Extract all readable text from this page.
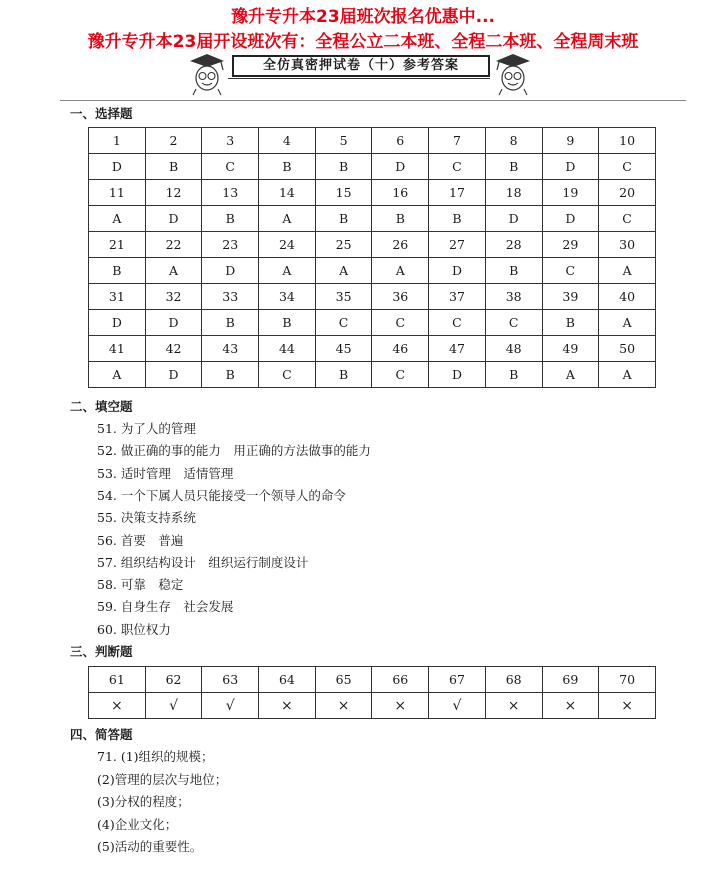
豫升专升本23届班次报名优惠中...
豫升专升本23届开设班次有：全程公立二本班、全程二本班、全程周末班
全仿真密押试卷（十）参考答案
一、选择题
1	2	3	4	5	6	7	8	9	10
D	B	C	B	B	D	C	B	D	C
11	12	13	14	15	16	17	18	19	20
A	D	B	A	B	B	B	D	D	C
21	22	23	24	25	26	27	28	29	30
B	A	D	A	A	A	D	B	C	A
31	32	33	34	35	36	37	38	39	40
D	D	B	B	C	C	C	C	B	A
41	42	43	44	45	46	47	48	49	50
A	D	B	C	B	C	D	B	A	A
二、填空题
51. 为了人的管理
52. 做正确的事的能力　用正确的方法做事的能力
53. 适时管理　适情管理
54. 一个下属人员只能接受一个领导人的命令
55. 决策支持系统
56. 首要　普遍
57. 组织结构设计　组织运行制度设计
58. 可靠　稳定
59. 自身生存　社会发展
60. 职位权力
三、判断题
61	62	63	64	65	66	67	68	69	70
×	√	√	×	×	×	√	×	×	×
四、简答题
71. (1)组织的规模；
(2)管理的层次与地位；
(3)分权的程度；
(4)企业文化；
(5)活动的重要性。
